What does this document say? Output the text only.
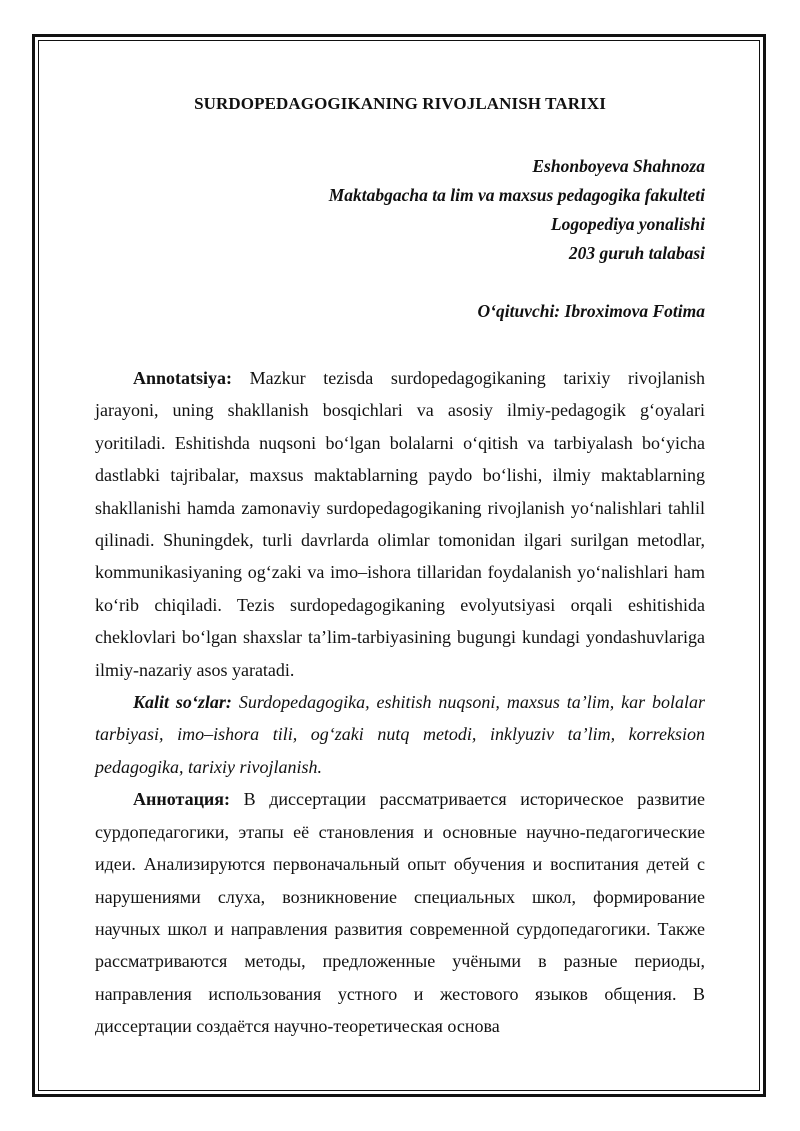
SURDOPEDAGOGIKANING RIVOJLANISH TARIXI
Eshonboyeva Shahnoza
Maktabgacha ta lim va maxsus pedagogika fakulteti
Logopediya yonalishi
203 guruh talabasi
O‘qituvchi: Ibroximova Fotima

Annotatsiya: Mazkur tezisda surdopedagogikaning tarixiy rivojlanish jarayoni, uning shakllanish bosqichlari va asosiy ilmiy-pedagogik g‘oyalari yoritiladi. Eshitishda nuqsoni bo‘lgan bolalarni o‘qitish va tarbiyalash bo‘yicha dastlabki tajribalar, maxsus maktablarning paydo bo‘lishi, ilmiy maktablarning shakllanishi hamda zamonaviy surdopedagogikaning rivojlanish yo‘nalishlari tahlil qilinadi. Shuningdek, turli davrlarda olimlar tomonidan ilgari surilgan metodlar, kommunikasiyaning og‘zaki va imo–ishora tillaridan foydalanish yo‘nalishlari ham ko‘rib chiqiladi. Tezis surdopedagogikaning evolyutsiyasi orqali eshitishida cheklovlari bo‘lgan shaxslar ta’lim-tarbiyasining bugungi kundagi yondashuvlariga ilmiy-nazariy asos yaratadi.

Kalit so‘zlar: Surdopedagogika, eshitish nuqsoni, maxsus ta’lim, kar bolalar tarbiyasi, imo–ishora tili, og‘zaki nutq metodi, inklyuziv ta’lim, korreksion pedagogika, tarixiy rivojlanish.

Аннотация: В диссертации рассматривается историческое развитие сурдопедагогики, этапы её становления и основные научно-педагогические идеи. Анализируются первоначальный опыт обучения и воспитания детей с нарушениями слуха, возникновение специальных школ, формирование научных школ и направления развития современной сурдопедагогики. Также рассматриваются методы, предложенные учёными в разные периоды, направления использования устного и жестового языков общения. В диссертации создаётся научно-теоретическая основа
